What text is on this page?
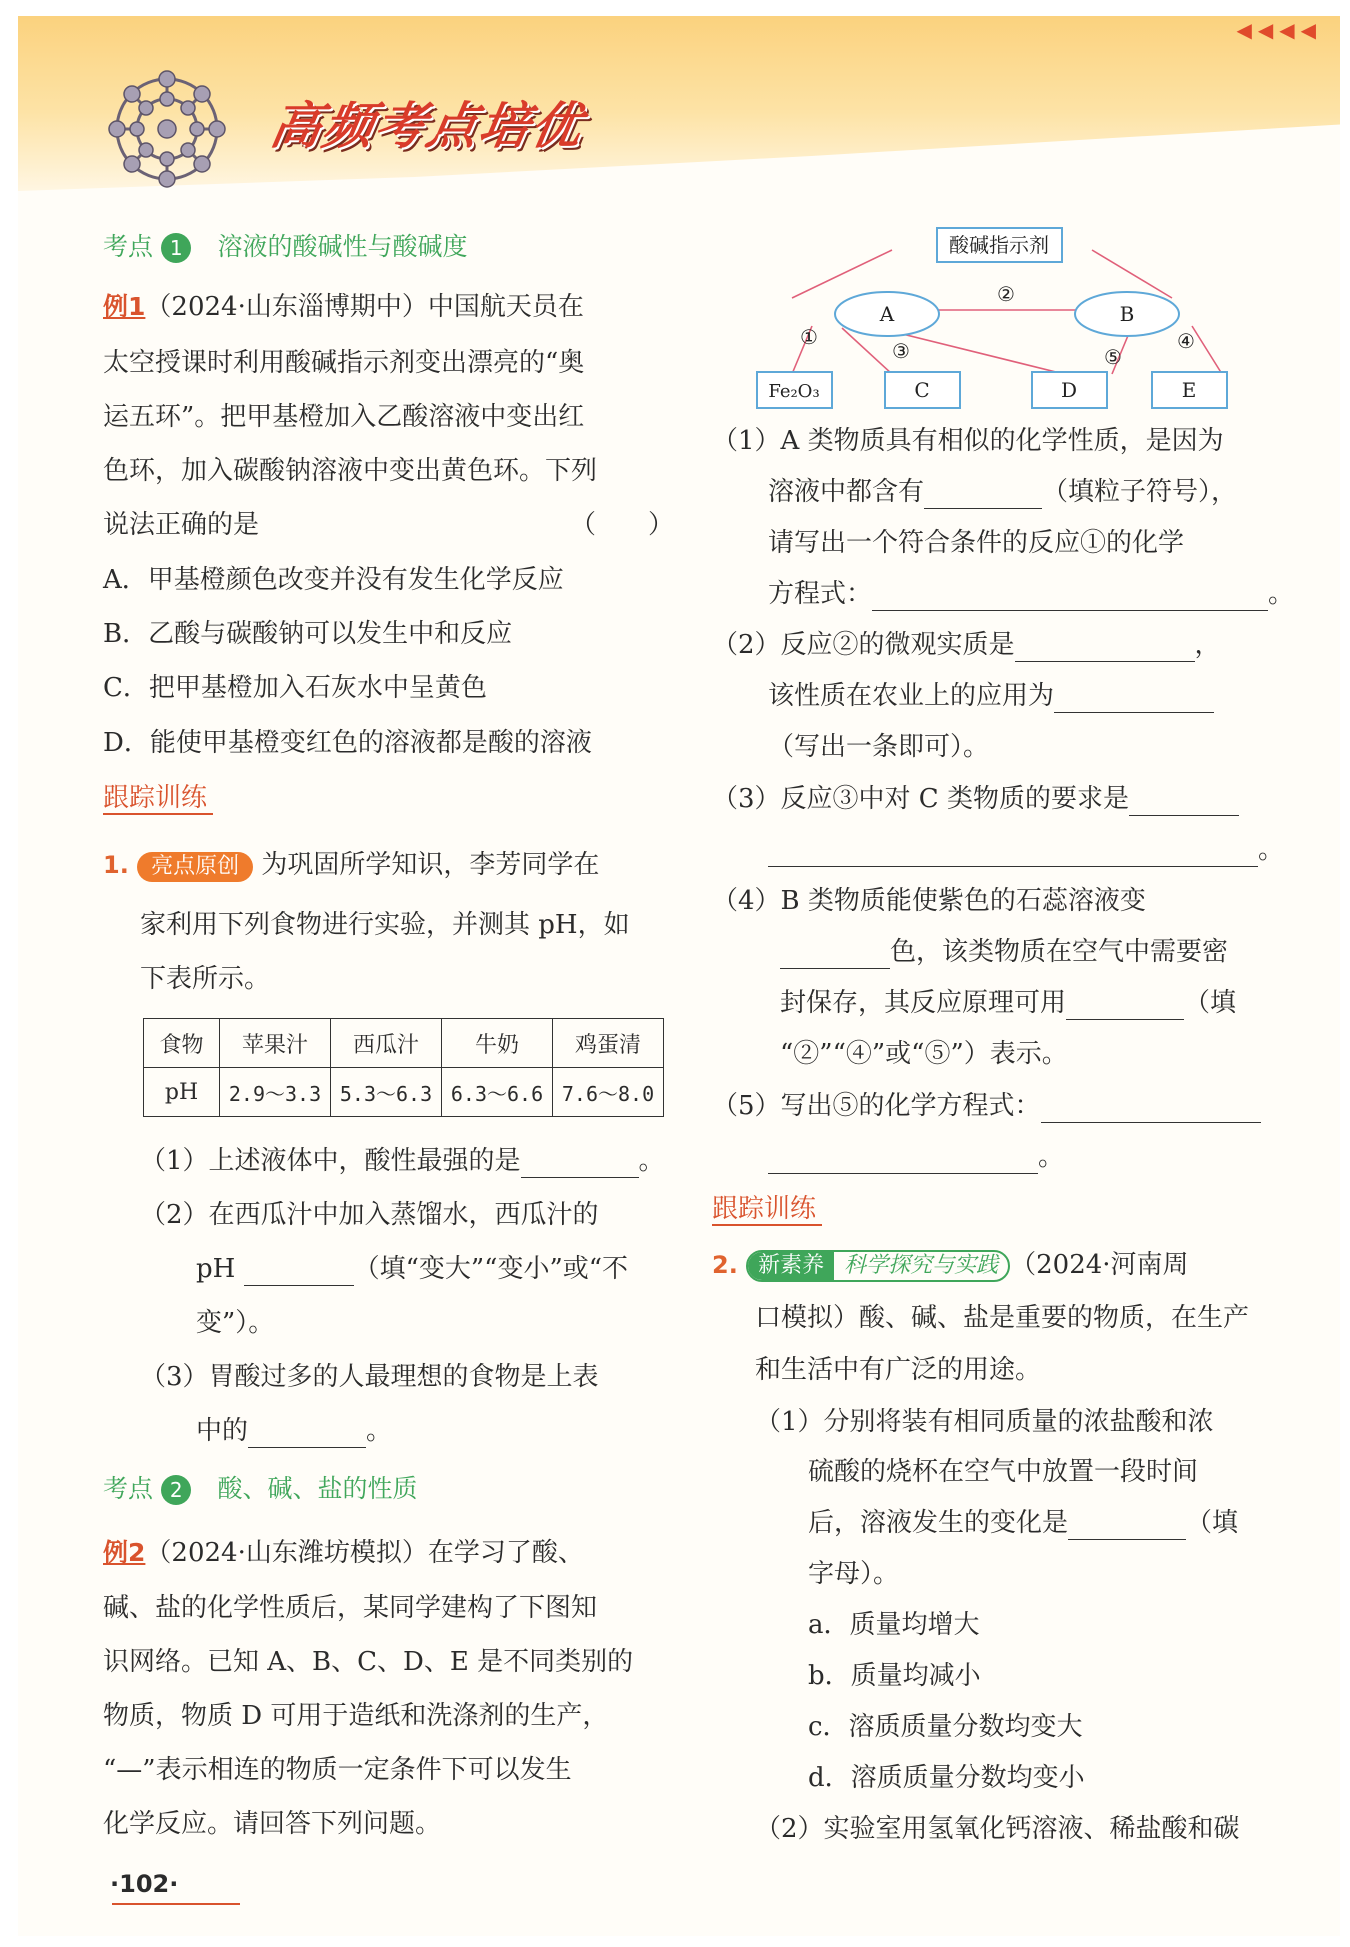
◀◀◀◀
高频考点培优
考点 1 溶液的酸碱性与酸碱度
例1（2024·山东淄博期中）中国航天员在
太空授课时利用酸碱指示剂变出漂亮的“奥
运五环”。把甲基橙加入乙酸溶液中变出红
色环，加入碳酸钠溶液中变出黄色环。下列
说法正确的是	（　　）
A．甲基橙颜色改变并没有发生化学反应
B．乙酸与碳酸钠可以发生中和反应
C．把甲基橙加入石灰水中呈黄色
D．能使甲基橙变红色的溶液都是酸的溶液
跟踪训练
1. 亮点原创 为巩固所学知识，李芳同学在
家利用下列食物进行实验，并测其 pH，如
下表所示。
食物	苹果汁	西瓜汁	牛奶	鸡蛋清
pH	2.9～3.3	5.3～6.3	6.3～6.6	7.6～8.0
（1）上述液体中，酸性最强的是	。
（2）在西瓜汁中加入蒸馏水，西瓜汁的
pH	（填“变大”“变小”或“不
变”）。
（3）胃酸过多的人最理想的食物是上表
中的	。
考点 2 酸、碱、盐的性质
例2（2024·山东潍坊模拟）在学习了酸、
碱、盐的化学性质后，某同学建构了下图知
识网络。已知 A、B、C、D、E 是不同类别的
物质，物质 D 可用于造纸和洗涤剂的生产，
“—”表示相连的物质一定条件下可以发生
化学反应。请回答下列问题。
·102·
酸碱指示剂
A	B
Fe₂O₃	C	D	E
①
②
③	④
⑤
（1）A 类物质具有相似的化学性质，是因为
溶液中都含有	（填粒子符号），
请写出一个符合条件的反应①的化学
方程式：	。
（2）反应②的微观实质是	，
该性质在农业上的应用为
（写出一条即可）。
（3）反应③中对 C 类物质的要求是
。
（4）B 类物质能使紫色的石蕊溶液变
色，该类物质在空气中需要密
封保存，其反应原理可用	（填
“②”“④”或“⑤”）表示。
（5）写出⑤的化学方程式：
。
跟踪训练
2. 新素养 科学探究与实践 （2024·河南周
口模拟）酸、碱、盐是重要的物质，在生产
和生活中有广泛的用途。
（1）分别将装有相同质量的浓盐酸和浓
硫酸的烧杯在空气中放置一段时间
后，溶液发生的变化是	（填
字母）。
a．质量均增大
b．质量均减小
c．溶质质量分数均变大
d．溶质质量分数均变小
（2）实验室用氢氧化钙溶液、稀盐酸和碳
